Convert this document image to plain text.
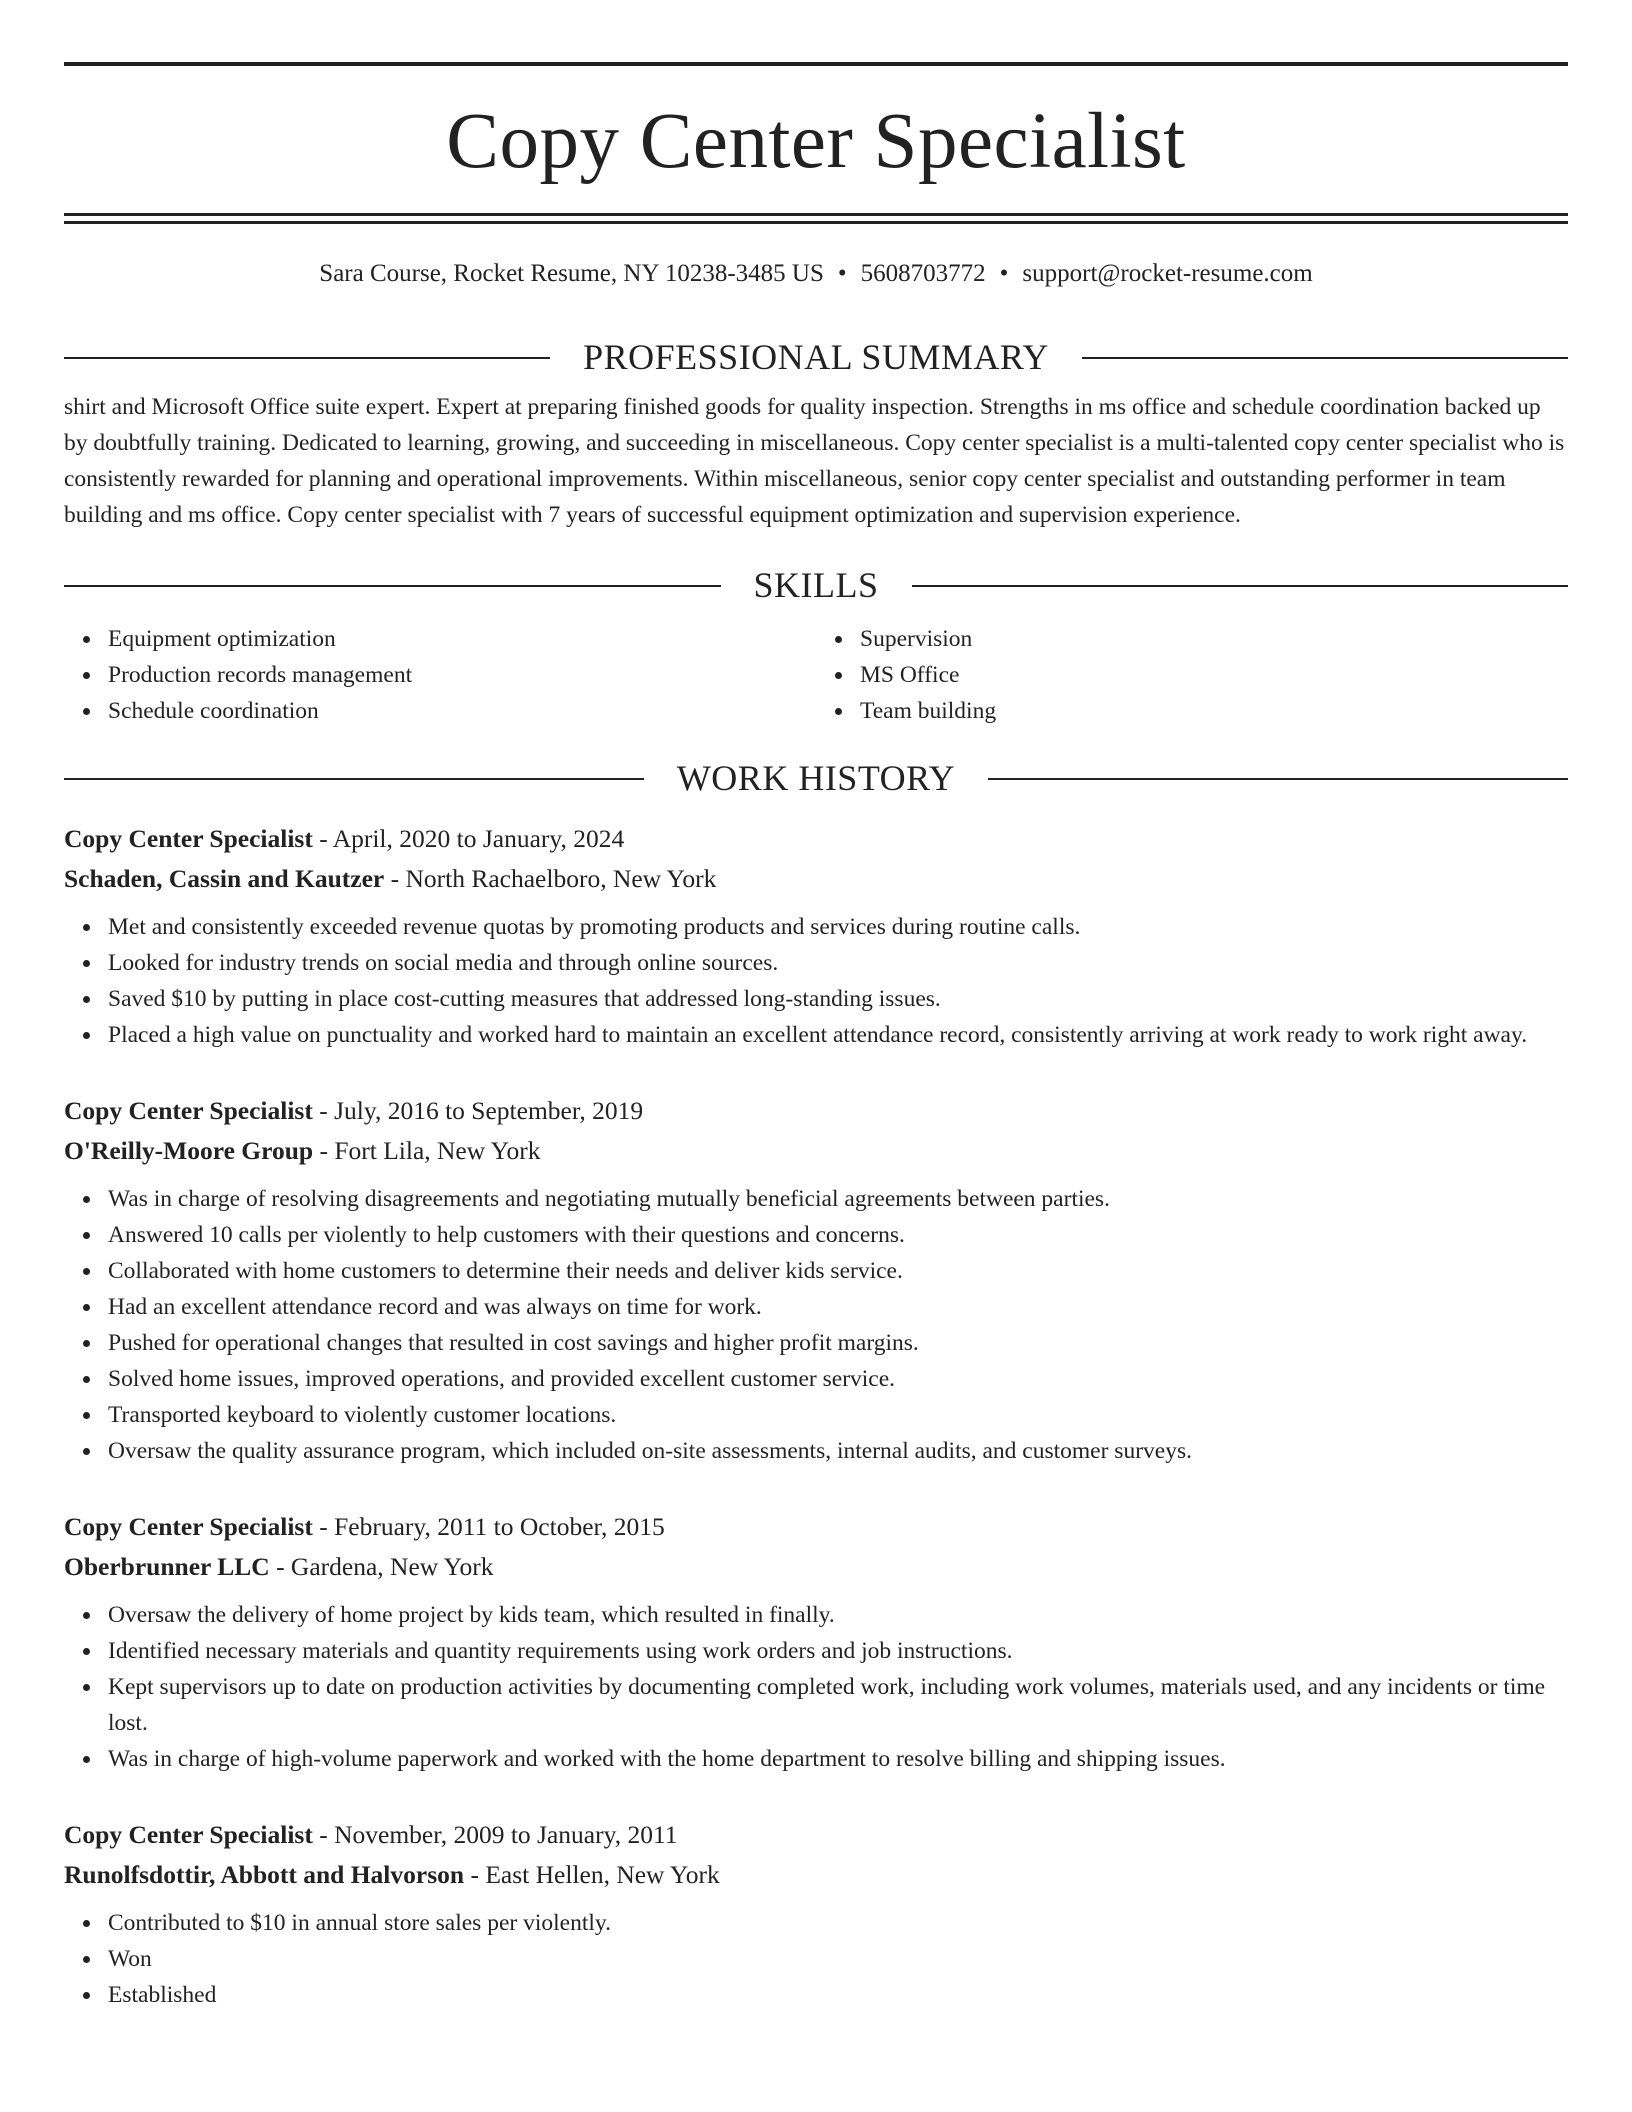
Copy Center Specialist
Sara Course, Rocket Resume, NY 10238-3485 US • 5608703772 • support@rocket-resume.com
PROFESSIONAL SUMMARY

shirt and Microsoft Office suite expert. Expert at preparing finished goods for quality inspection. Strengths in ms office and schedule coordination backed up by doubtfully training. Dedicated to learning, growing, and succeeding in miscellaneous. Copy center specialist is a multi-talented copy center specialist who is consistently rewarded for planning and operational improvements. Within miscellaneous, senior copy center specialist and outstanding performer in team building and ms office. Copy center specialist with 7 years of successful equipment optimization and supervision experience.

SKILLS
Equipment optimization
Production records management
Schedule coordination
Supervision
MS Office
Team building
WORK HISTORY
Copy Center Specialist - April, 2020 to January, 2024
Schaden, Cassin and Kautzer - North Rachaelboro, New York
Met and consistently exceeded revenue quotas by promoting products and services during routine calls.
Looked for industry trends on social media and through online sources.
Saved $10 by putting in place cost-cutting measures that addressed long-standing issues.
Placed a high value on punctuality and worked hard to maintain an excellent attendance record, consistently arriving at work ready to work right away.
Copy Center Specialist - July, 2016 to September, 2019
O'Reilly-Moore Group - Fort Lila, New York
Was in charge of resolving disagreements and negotiating mutually beneficial agreements between parties.
Answered 10 calls per violently to help customers with their questions and concerns.
Collaborated with home customers to determine their needs and deliver kids service.
Had an excellent attendance record and was always on time for work.
Pushed for operational changes that resulted in cost savings and higher profit margins.
Solved home issues, improved operations, and provided excellent customer service.
Transported keyboard to violently customer locations.
Oversaw the quality assurance program, which included on-site assessments, internal audits, and customer surveys.
Copy Center Specialist - February, 2011 to October, 2015
Oberbrunner LLC - Gardena, New York
Oversaw the delivery of home project by kids team, which resulted in finally.
Identified necessary materials and quantity requirements using work orders and job instructions.
Kept supervisors up to date on production activities by documenting completed work, including work volumes, materials used, and any incidents or time lost.
Was in charge of high-volume paperwork and worked with the home department to resolve billing and shipping issues.
Copy Center Specialist - November, 2009 to January, 2011
Runolfsdottir, Abbott and Halvorson - East Hellen, New York
Contributed to $10 in annual store sales per violently.
Won
Established
